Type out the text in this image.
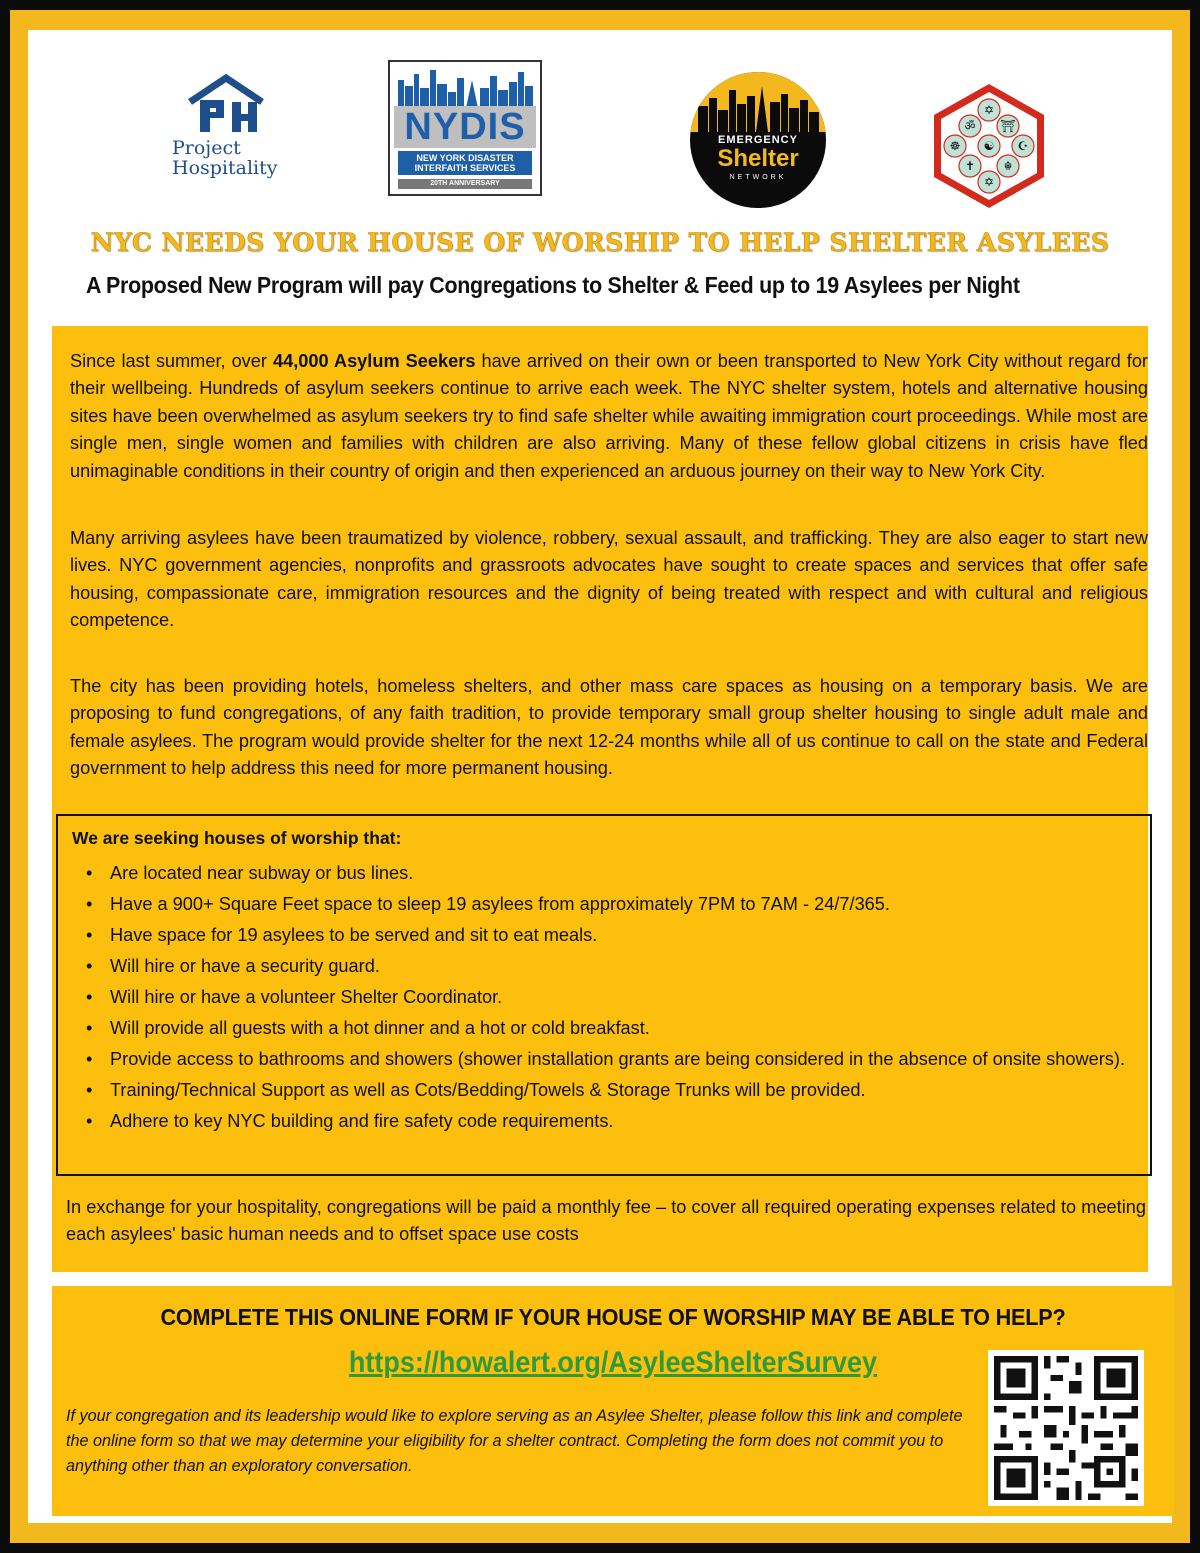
Project
Hospitality
NYDIS
NEW YORK DISASTER
INTERFAITH SERVICES
20TH ANNIVERSARY
EMERGENCY
Shelter
NETWORK
✡
ॐ ⛩
☸ ☯ ☪
✝ ☬
✡
NYC NEEDS YOUR HOUSE OF WORSHIP TO HELP SHELTER ASYLEES
A Proposed New Program will pay Congregations to Shelter & Feed up to 19 Asylees per Night
Since last summer, over 44,000 Asylum Seekers have arrived on their own or been transported to New York City without regard for their wellbeing. Hundreds of asylum seekers continue to arrive each week. The NYC shelter system, hotels and alternative housing sites have been overwhelmed as asylum seekers try to find safe shelter while awaiting immigration court proceedings. While most are single men, single women and families with children are also arriving. Many of these fellow global citizens in crisis have fled unimaginable conditions in their country of origin and then experienced an arduous journey on their way to New York City.
Many arriving asylees have been traumatized by violence, robbery, sexual assault, and trafficking. They are also eager to start new lives. NYC government agencies, nonprofits and grassroots advocates have sought to create spaces and services that offer safe housing, compassionate care, immigration resources and the dignity of being treated with respect and with cultural and religious competence.
The city has been providing hotels, homeless shelters, and other mass care spaces as housing on a temporary basis. We are proposing to fund congregations, of any faith tradition, to provide temporary small group shelter housing to single adult male and female asylees. The program would provide shelter for the next 12-24 months while all of us continue to call on the state and Federal government to help address this need for more permanent housing.
We are seeking houses of worship that:
• Are located near subway or bus lines.
• Have a 900+ Square Feet space to sleep 19 asylees from approximately 7PM to 7AM - 24/7/365.
• Have space for 19 asylees to be served and sit to eat meals.
• Will hire or have a security guard.
• Will hire or have a volunteer Shelter Coordinator.
• Will provide all guests with a hot dinner and a hot or cold breakfast.
• Provide access to bathrooms and showers (shower installation grants are being considered in the absence of onsite showers).
• Training/Technical Support as well as Cots/Bedding/Towels & Storage Trunks will be provided.
• Adhere to key NYC building and fire safety code requirements.
In exchange for your hospitality, congregations will be paid a monthly fee – to cover all required operating expenses related to meeting each asylees' basic human needs and to offset space use costs
COMPLETE THIS ONLINE FORM IF YOUR HOUSE OF WORSHIP MAY BE ABLE TO HELP?
https://howalert.org/AsyleeShelterSurvey
If your congregation and its leadership would like to explore serving as an Asylee Shelter, please follow this link and complete the online form so that we may determine your eligibility for a shelter contract. Completing the form does not commit you to anything other than an exploratory conversation.
